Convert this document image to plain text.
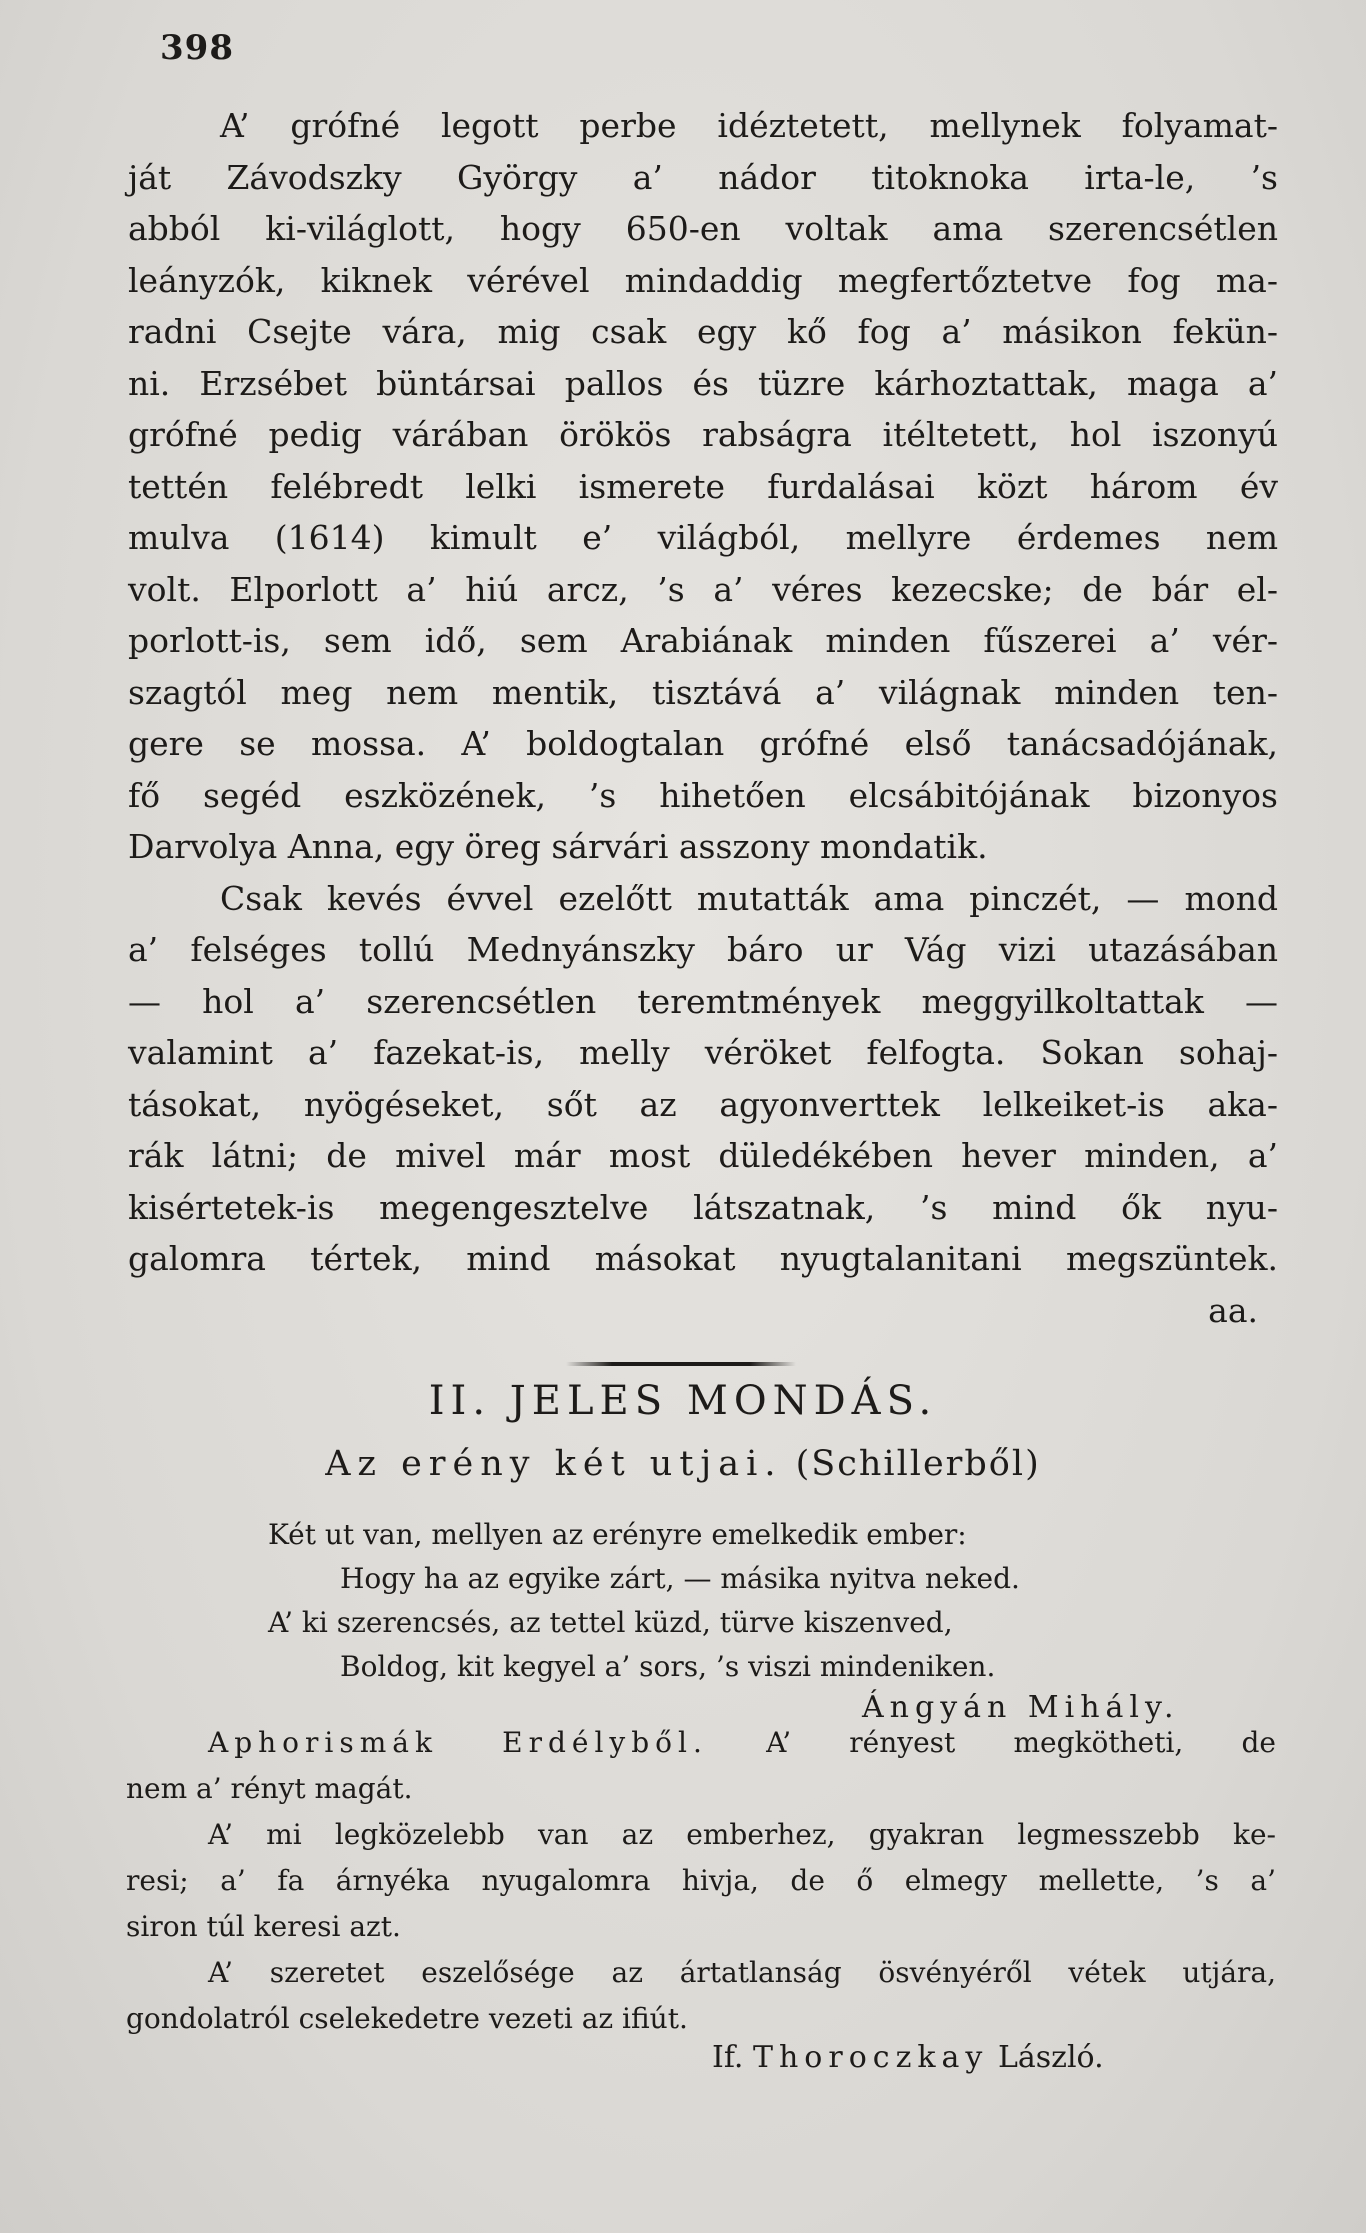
398
A’ grófné legott perbe idéztetett, mellynek folyamat-
ját Závodszky György a’ nádor titoknoka irta-le, ’s
abból ki-világlott, hogy 650-en voltak ama szerencsétlen
leányzók, kiknek vérével mindaddig megfertőztetve fog ma-
radni Csejte vára, mig csak egy kő fog a’ másikon fekün-
ni. Erzsébet büntársai pallos és tüzre kárhoztattak, maga a’
grófné pedig várában örökös rabságra itéltetett, hol iszonyú
tettén felébredt lelki ismerete furdalásai közt három év
mulva (1614) kimult e’ világból, mellyre érdemes nem
volt. Elporlott a’ hiú arcz, ’s a’ véres kezecske; de bár el-
porlott-is, sem idő, sem Arabiának minden fűszerei a’ vér-
szagtól meg nem mentik, tisztává a’ világnak minden ten-
gere se mossa. A’ boldogtalan grófné első tanácsadójának,
fő segéd eszközének, ’s hihetően elcsábitójának bizonyos
Darvolya Anna, egy öreg sárvári asszony mondatik.
Csak kevés évvel ezelőtt mutatták ama pinczét, — mond
a’ felséges tollú Mednyánszky báro ur Vág vizi utazásában
— hol a’ szerencsétlen teremtmények meggyilkoltattak —
valamint a’ fazekat-is, melly véröket felfogta. Sokan sohaj-
tásokat, nyögéseket, sőt az agyonverttek lelkeiket-is aka-
rák látni; de mivel már most düledékében hever minden, a’
kisértetek-is megengesztelve látszatnak, ’s mind ők nyu-
galomra tértek, mind másokat nyugtalanitani megszüntek.
aa.
II. JELES MONDÁS.
Az erény két utjai. (Schillerből)
Két ut van, mellyen az erényre emelkedik ember:
Hogy ha az egyike zárt, — másika nyitva neked.
A’ ki szerencsés, az tettel küzd, türve kiszenved,
Boldog, kit kegyel a’ sors, ’s viszi mindeniken.
Ángyán Mihály.
Aphorismák Erdélyből. A’ rényest megkötheti, de
nem a’ rényt magát.
A’ mi legközelebb van az emberhez, gyakran legmesszebb ke-
resi; a’ fa árnyéka nyugalomra hivja, de ő elmegy mellette, ’s a’
siron túl keresi azt.
A’ szeretet eszelősége az ártatlanság ösvényéről vétek utjára,
gondolatról cselekedetre vezeti az ifiút.
If. Thoroczkay László.
